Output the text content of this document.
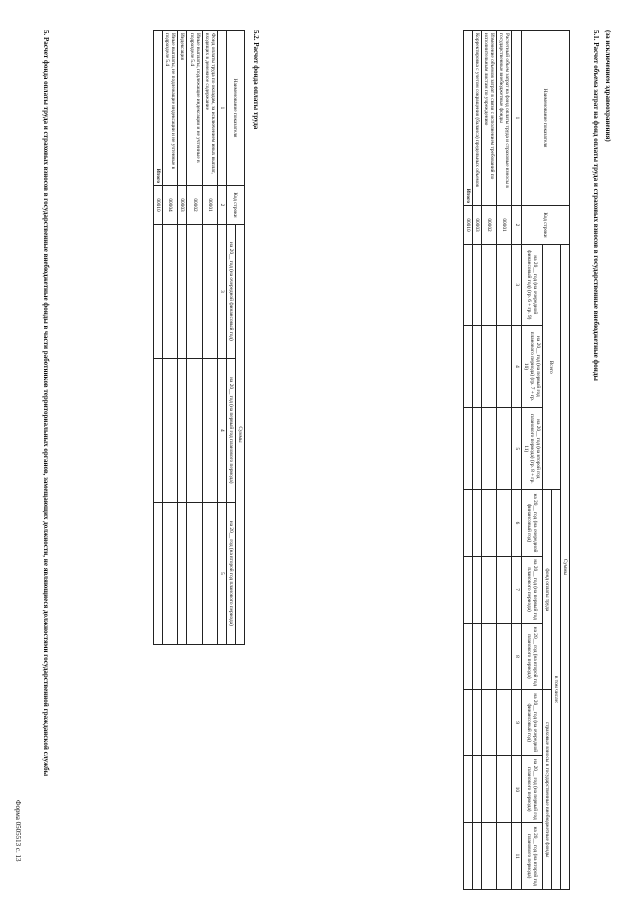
Форма 0505513 с. 13
5. Расчет фонда оплаты труда и страховых взносов в государственные внебюджетные фонды в части работников территориальных органов, замещающих должности, не являющиеся должностями государственной гражданской службы	Наименование показателя	Код строки	Суммы								
		Всего			в том числе:					
					фонд оплаты труда			страховые взносы в государственные внебюджетные фонды		
		на 20__ год (на очередной финансовый год) (гр. 6 + гр. 9)	на 20__ год (на первый год планового периода) (гр. 7 + гр. 10)	на 20__ год (на второй год планового периода) (гр. 8 + гр. 11)	на 20__ год (на очередной финансовый год)	на 20__ год (на первый год планового периода)	на 20__ год (на второй год планового периода)	на 20__ год (на очередной финансовый год)	на 20__ год (на первый год планового периода)	на 20__ год (на второй год планового периода)
1	2	3	4	5	6	7	8	9	10	11
Расчетный объем затрат на фонд оплаты труда и страховые взносы в государственные внебюджетные фонды	00001									
Изменение объемов затрат в связи с исполнением требований по исполнительным листам по учреждению	00002									
Корректировка с учетом сокращения (баланса) предельных объемов	00003									
Итого	00010									
(за исключением здравоохранения)
5.1. Расчет объема затрат на фонд оплаты труда и страховых взносов в государственные внебюджетные фонды
5.2. Расчет фонда оплаты труда
Наименование показателя	Код строки	Суммы		
		на 20__ год (на очередной финансовый год)	на 20__ год (на первый год планового периода)	на 20__ год (на второй год планового периода)
1	2	3	4	5
Фонд оплаты труда по окладам, за исключением иных выплат, входящих в денежное содержание	00001			
Иные выплаты, подлежащие индексации и не учтенные в подразделе 5.4	00002			
Индексация	00003			
Иные выплаты, не подлежащие индексации и не учтенные в подразделе 5.4	00004			
Итого	00010			
